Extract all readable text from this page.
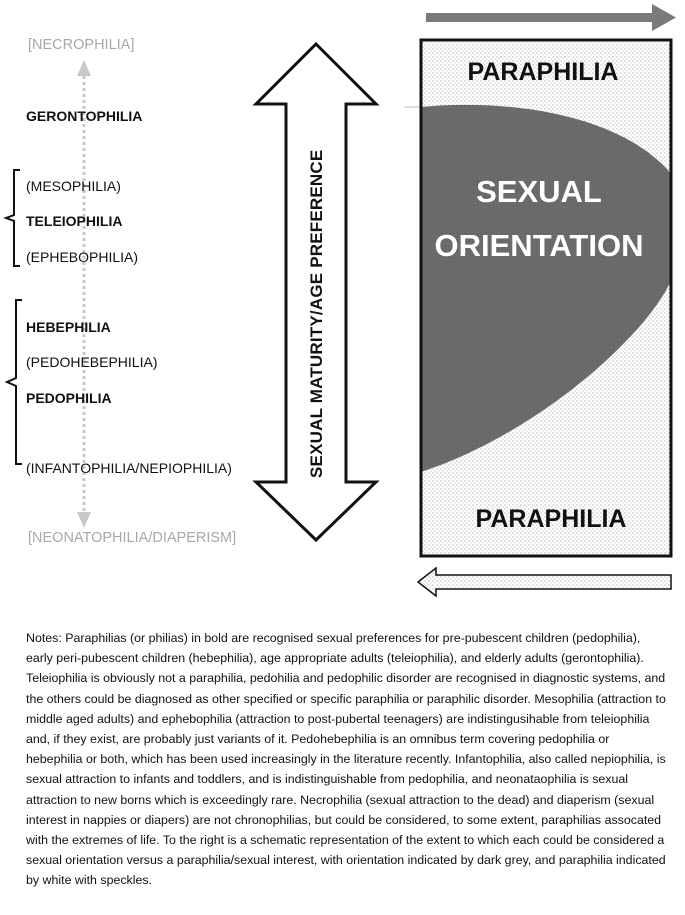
SEXUAL MATURITY/AGE PREFERENCE
PARAPHILIA
SEXUAL
ORIENTATION
PARAPHILIA
[NECROPHILIA]
GERONTOPHILIA
(MESOPHILIA)
TELEIOPHILIA
(EPHEBOPHILIA)
HEBEPHILIA
(PEDOHEBEPHILIA)
PEDOPHILIA
(INFANTOPHILIA/NEPIOPHILIA)
[NEONATOPHILIA/DIAPERISM]
Notes: Paraphilias (or philias) in bold are recognised sexual preferences for pre-pubescent children (pedophilia), early peri-pubescent children (hebephilia), age appropriate adults (teleiophilia), and elderly adults (gerontophilia). Teleiophilia is obviously not a paraphilia, pedohilia and pedophilic disorder are recognised in diagnostic systems, and the others could be diagnosed as other specified or specific paraphilia or paraphilic disorder. Mesophilia (attraction to middle aged adults) and ephebophilia (attraction to post-pubertal teenagers) are indistingusihable from teleiophilia and, if they exist, are probably just variants of it. Pedohebephilia is an omnibus term covering pedophilia or hebephilia or both, which has been used increasingly in the literature recently. Infantophilia, also called nepiophilia, is sexual attraction to infants and toddlers, and is indistinguishable from pedophilia, and neonataophilia is sexual attraction to new borns which is exceedingly rare. Necrophilia (sexual attraction to the dead) and diaperism (sexual interest in nappies or diapers) are not chronophilias, but could be considered, to some extent, paraphilias assocated with the extremes of life. To the right is a schematic representation of the extent to which each could be considered a sexual orientation versus a paraphilia/sexual interest, with orientation indicated by dark grey, and paraphilia indicated by white with speckles.
